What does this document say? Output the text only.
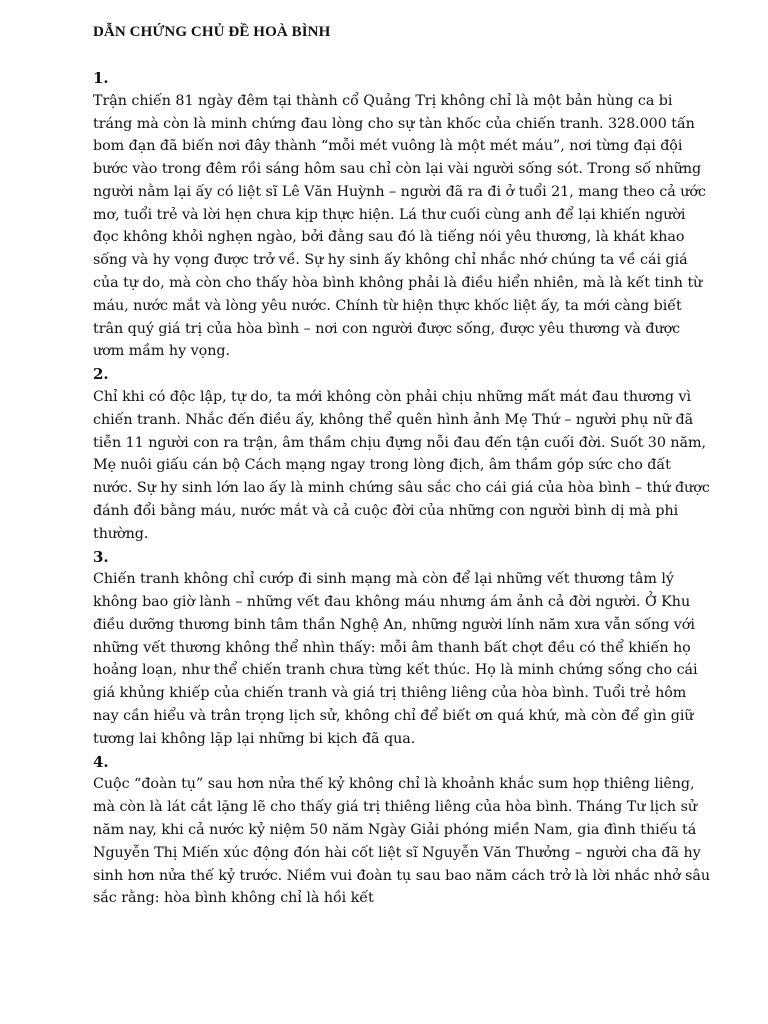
DẪN CHỨNG CHỦ ĐỀ HOÀ BÌNH
1.

Trận chiến 81 ngày đêm tại thành cổ Quảng Trị không chỉ là một bản hùng ca bi tráng mà còn là minh chứng đau lòng cho sự tàn khốc của chiến tranh. 328.000 tấn bom đạn đã biến nơi đây thành “mỗi mét vuông là một mét máu”, nơi từng đại đội bước vào trong đêm rồi sáng hôm sau chỉ còn lại vài người sống sót. Trong số những người nằm lại ấy có liệt sĩ Lê Văn Huỳnh – người đã ra đi ở tuổi 21, mang theo cả ước mơ, tuổi trẻ và lời hẹn chưa kịp thực hiện. Lá thư cuối cùng anh để lại khiến người đọc không khỏi nghẹn ngào, bởi đằng sau đó là tiếng nói yêu thương, là khát khao sống và hy vọng được trở về. Sự hy sinh ấy không chỉ nhắc nhớ chúng ta về cái giá của tự do, mà còn cho thấy hòa bình không phải là điều hiển nhiên, mà là kết tinh từ máu, nước mắt và lòng yêu nước. Chính từ hiện thực khốc liệt ấy, ta mới càng biết trân quý giá trị của hòa bình – nơi con người được sống, được yêu thương và được ươm mầm hy vọng.

2.

Chỉ khi có độc lập, tự do, ta mới không còn phải chịu những mất mát đau thương vì chiến tranh. Nhắc đến điều ấy, không thể quên hình ảnh Mẹ Thứ – người phụ nữ đã tiễn 11 người con ra trận, âm thầm chịu đựng nỗi đau đến tận cuối đời. Suốt 30 năm, Mẹ nuôi giấu cán bộ Cách mạng ngay trong lòng địch, âm thầm góp sức cho đất nước. Sự hy sinh lớn lao ấy là minh chứng sâu sắc cho cái giá của hòa bình – thứ được đánh đổi bằng máu, nước mắt và cả cuộc đời của những con người bình dị mà phi thường.

3.

Chiến tranh không chỉ cướp đi sinh mạng mà còn để lại những vết thương tâm lý không bao giờ lành – những vết đau không máu nhưng ám ảnh cả đời người. Ở Khu điều dưỡng thương binh tâm thần Nghệ An, những người lính năm xưa vẫn sống với những vết thương không thể nhìn thấy: mỗi âm thanh bất chợt đều có thể khiến họ hoảng loạn, như thể chiến tranh chưa từng kết thúc. Họ là minh chứng sống cho cái giá khủng khiếp của chiến tranh và giá trị thiêng liêng của hòa bình. Tuổi trẻ hôm nay cần hiểu và trân trọng lịch sử, không chỉ để biết ơn quá khứ, mà còn để gìn giữ tương lai không lặp lại những bi kịch đã qua.

4.

Cuộc “đoàn tụ” sau hơn nửa thế kỷ không chỉ là khoảnh khắc sum họp thiêng liêng, mà còn là lát cắt lặng lẽ cho thấy giá trị thiêng liêng của hòa bình. Tháng Tư lịch sử năm nay, khi cả nước kỷ niệm 50 năm Ngày Giải phóng miền Nam, gia đình thiếu tá Nguyễn Thị Miến xúc động đón hài cốt liệt sĩ Nguyễn Văn Thưởng – người cha đã hy sinh hơn nửa thế kỷ trước. Niềm vui đoàn tụ sau bao năm cách trở là lời nhắc nhở sâu sắc rằng: hòa bình không chỉ là hồi kết
